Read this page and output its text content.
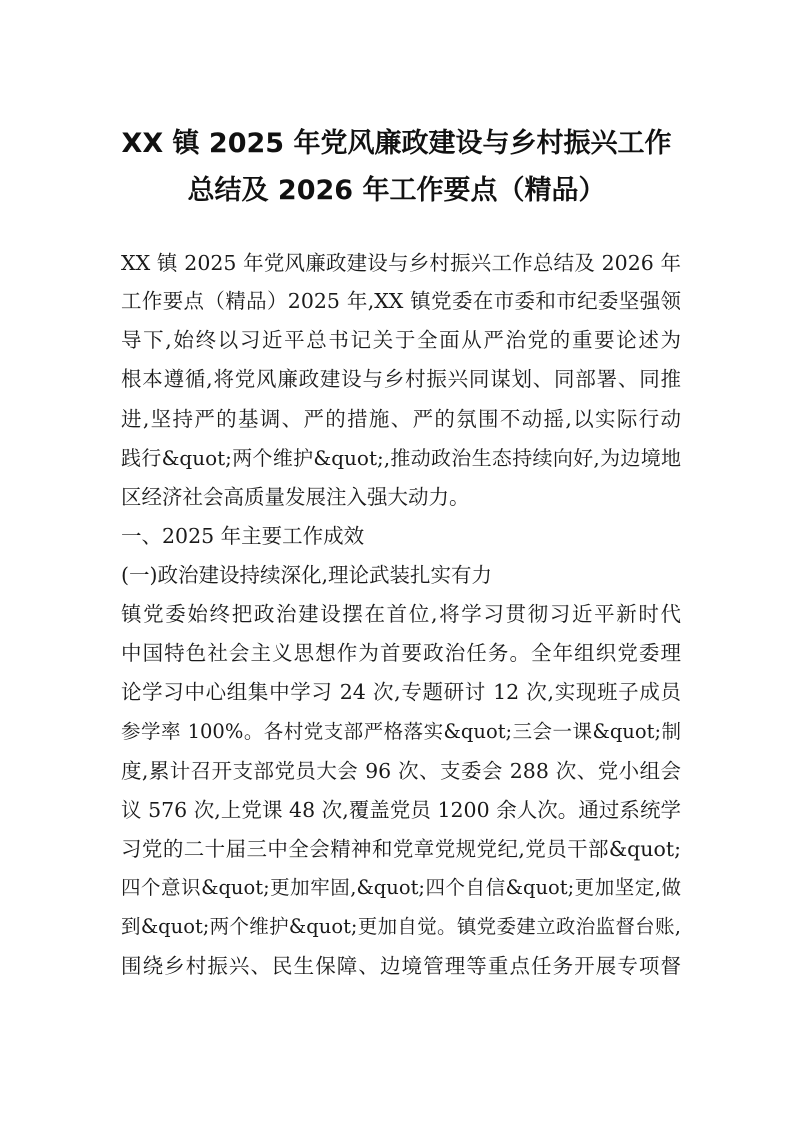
XX 镇 2025 年党风廉政建设与乡村振兴工作
总结及 2026 年工作要点（精品）
XX 镇 2025 年党风廉政建设与乡村振兴工作总结及 2026 年
工作要点（精品）2025 年,XX 镇党委在市委和市纪委坚强领
导下,始终以习近平总书记关于全面从严治党的重要论述为
根本遵循,将党风廉政建设与乡村振兴同谋划、同部署、同推
进,坚持严的基调、严的措施、严的氛围不动摇,以实际行动
践行&quot;两个维护&quot;,推动政治生态持续向好,为边境地
区经济社会高质量发展注入强大动力。
一、2025 年主要工作成效
(一)政治建设持续深化,理论武装扎实有力
镇党委始终把政治建设摆在首位,将学习贯彻习近平新时代
中国特色社会主义思想作为首要政治任务。全年组织党委理
论学习中心组集中学习 24 次,专题研讨 12 次,实现班子成员
参学率 100%。各村党支部严格落实&quot;三会一课&quot;制
度,累计召开支部党员大会 96 次、支委会 288 次、党小组会
议 576 次,上党课 48 次,覆盖党员 1200 余人次。通过系统学
习党的二十届三中全会精神和党章党规党纪,党员干部&quot;
四个意识&quot;更加牢固,&quot;四个自信&quot;更加坚定,做
到&quot;两个维护&quot;更加自觉。镇党委建立政治监督台账,
围绕乡村振兴、民生保障、边境管理等重点任务开展专项督
